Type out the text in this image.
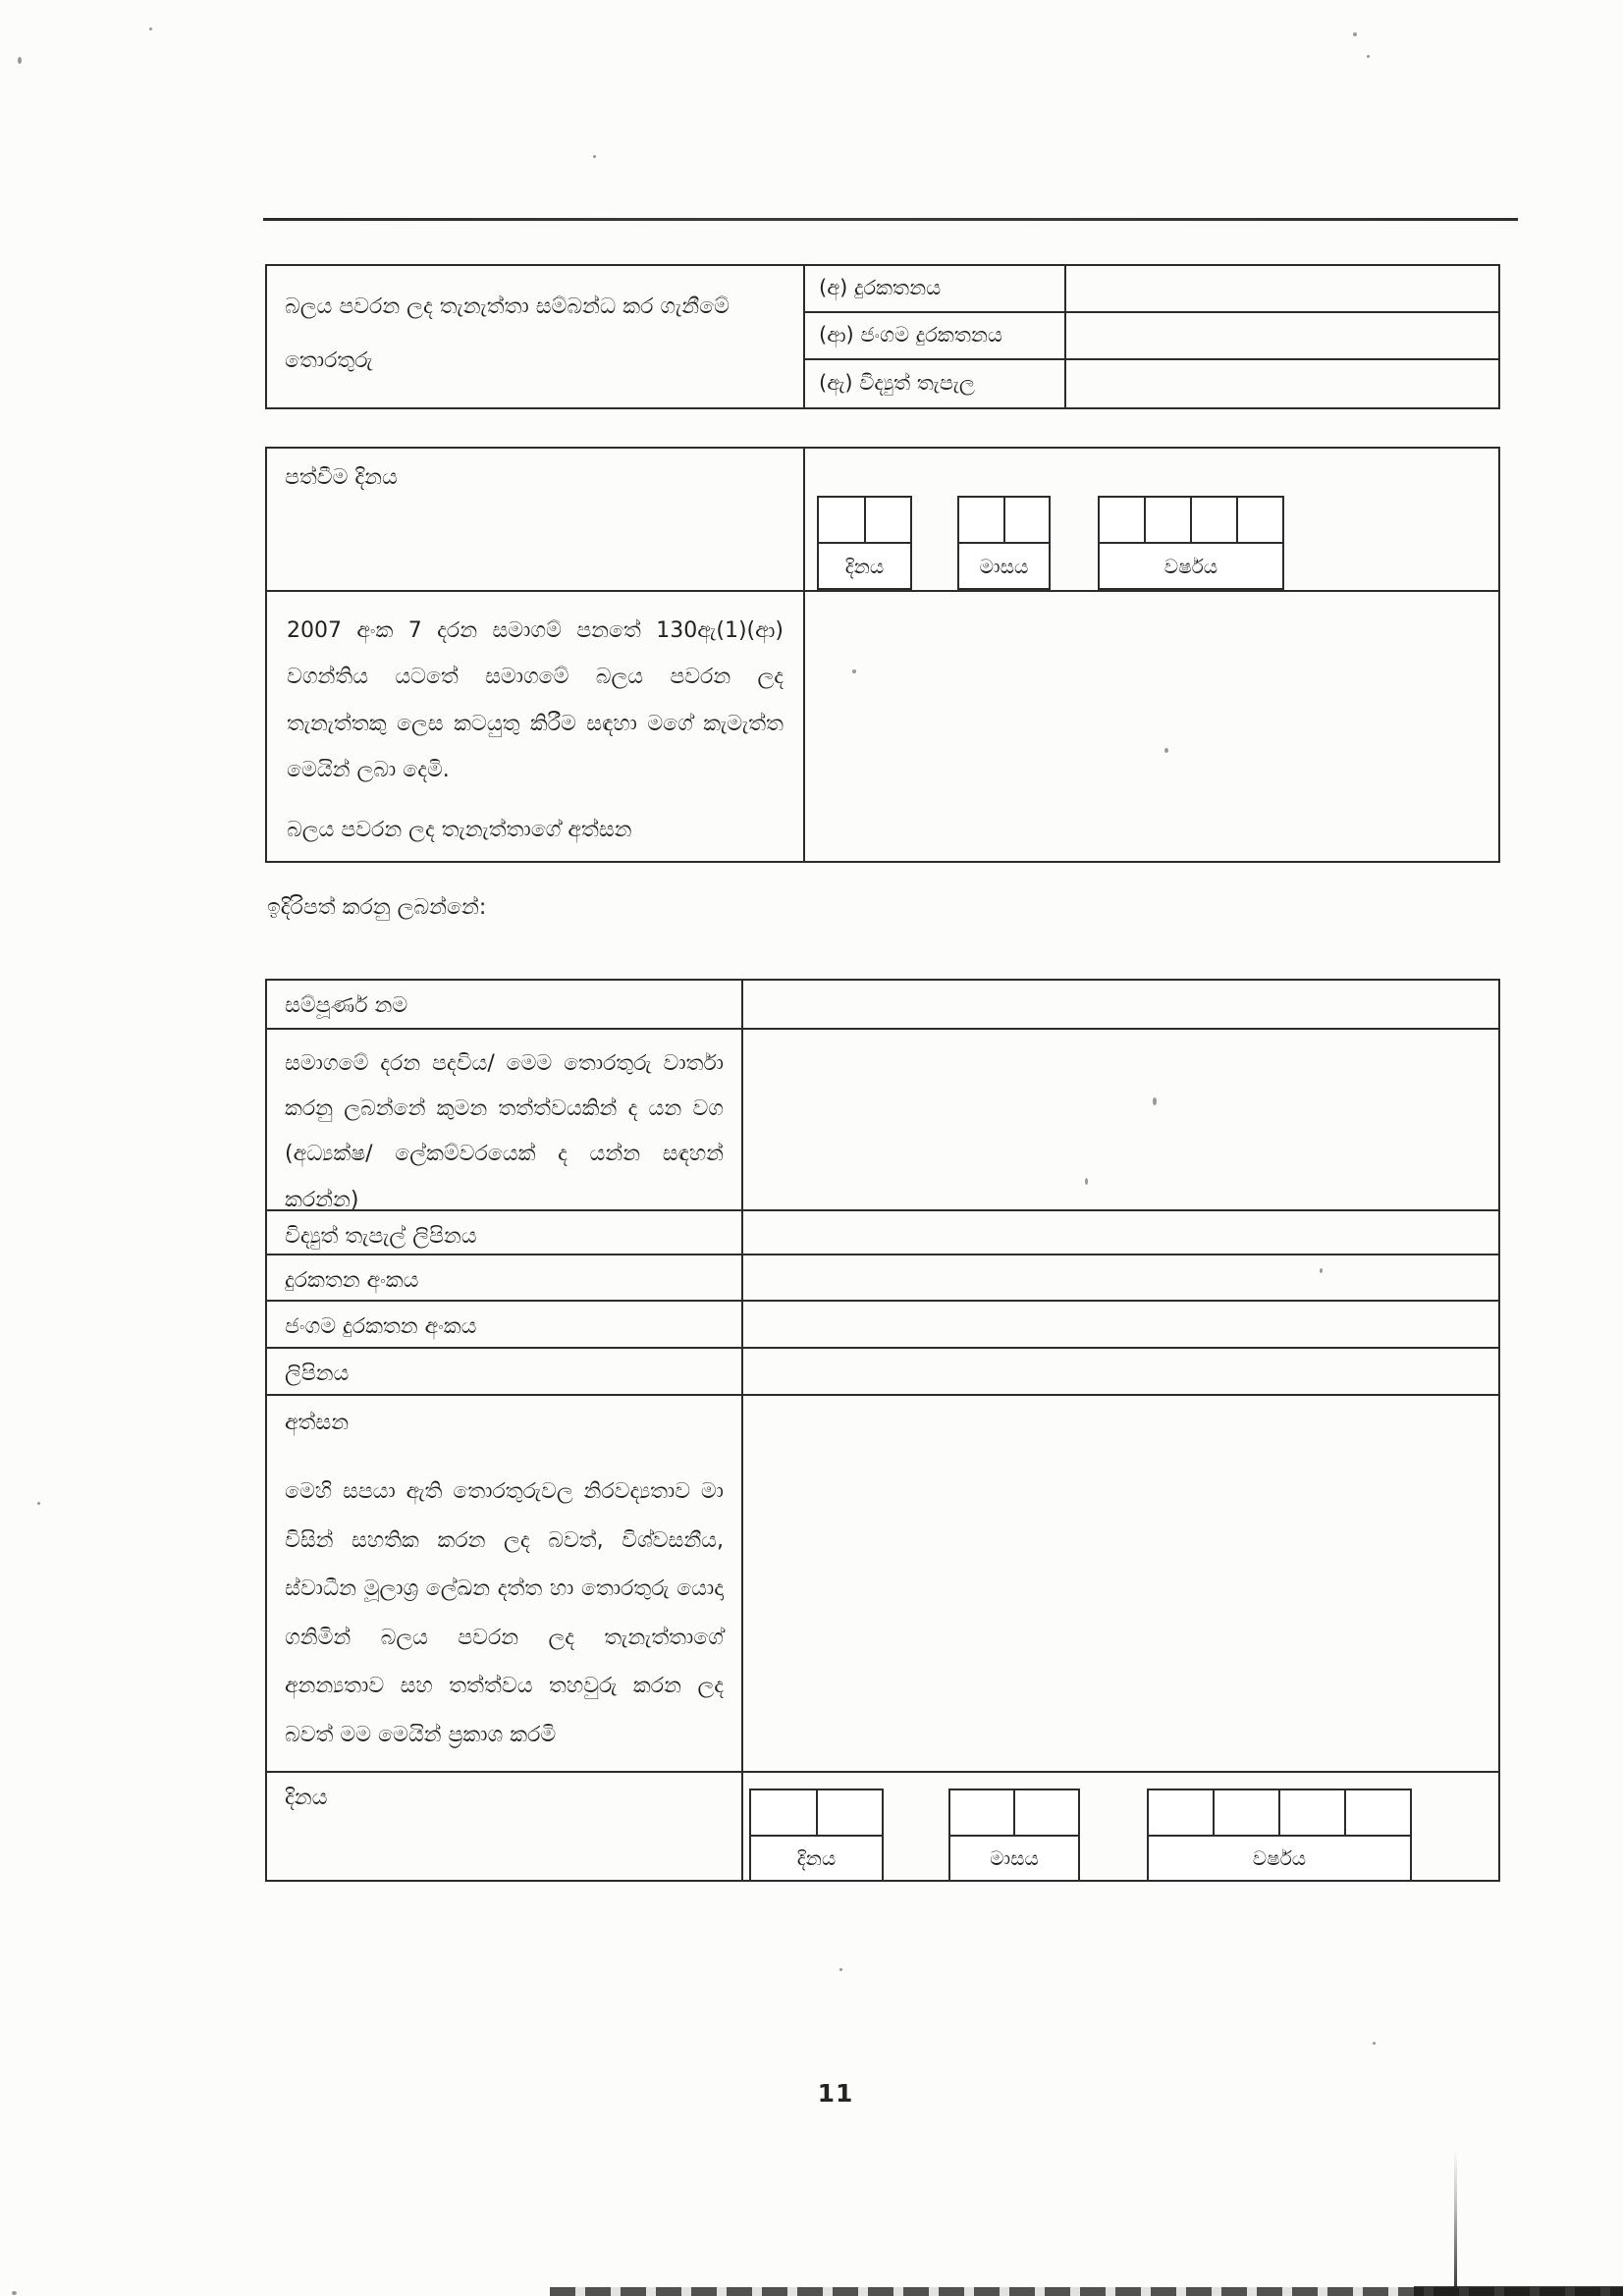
බලය පවරන ලද තැනැත්තා සම්බන්ධ කර ගැනීමේ තොරතුරු
(අ) දුරකතනය
(ආ) ජංගම දුරකතනය
(ඇ) විද්‍යුත් තැපැල
පත්වීම දිනය
දිනය	මාසය	වර්ෂය
2007 අංක 7 දරන සමාගම් පනතේ 130ඇ(1)(ආ) වගන්තිය යටතේ සමාගමේ බලය පවරන ලද තැනැත්තකු ලෙස කටයුතු කිරීම සඳහා මගේ කැමැත්ත මෙයින් ලබා දෙමි.
බලය පවරන ලද තැනැත්තාගේ අත්සන
ඉදිරිපත් කරනු ලබන්නේ:
සම්පූර්ණ නම
සමාගමේ දරන පදවිය/ මෙම තොරතුරු වාර්තා කරනු ලබන්නේ කුමන තත්ත්වයකින් ද යන වග (අධ්‍යක්ෂ/ ලේකම්වරයෙක් ද යන්න සඳහන් කරන්න)
විද්‍යුත් තැපැල් ලිපිනය
දුරකතන අංකය
ජංගම දුරකතන අංකය
ලිපිනය
අත්සන
මෙහි සපයා ඇති තොරතුරුවල නිරවද්‍යතාව මා විසින් සහතික කරන ලද බවත්, විශ්වසනීය, ස්වාධීන මූලාශ්‍ර ලේඛන දත්ත හා තොරතුරු යොදා ගනිමින් බලය පවරන ලද තැනැත්තාගේ අනන්‍යතාව සහ තත්ත්වය තහවුරු කරන ලද බවත් මම මෙයින් ප්‍රකාශ කරමි
දිනය
දිනය	මාසය	වර්ෂය
11
